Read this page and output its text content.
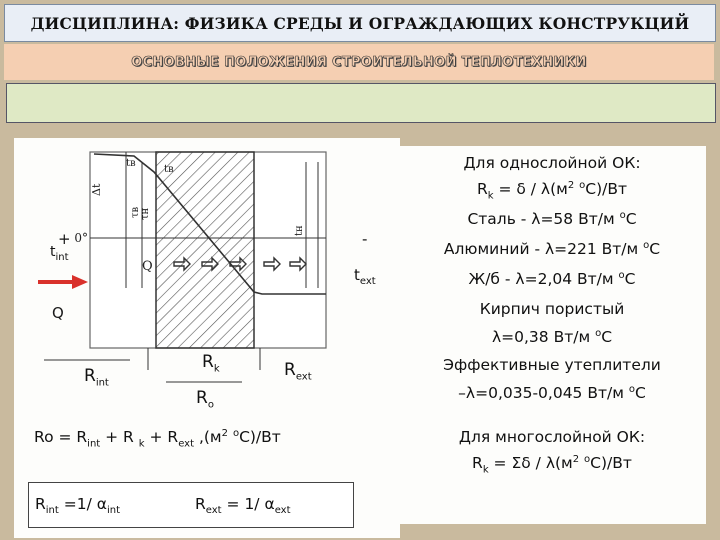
ДИСЦИПЛИНА: ФИЗИКА СРЕДЫ И ОГРАЖДАЮЩИХ КОНСТРУКЦИЙ
ОСНОВНЫЕ ПОЛОЖЕНИЯ СТРОИТЕЛЬНОЙ ТЕПЛОТЕХНИКИ
0°
Δt
tв
tв
τв τн
tн
Q
+
$t_{int}$
Q
-
$t_{ext}$
$R_{int}$
$R_k$	$R_{ext}$
$R_o$
$Ro = R_{int} + R$ $_k + R_{ext}$ $,(м^2$ $^o$С)/Вт
$R_{int} =1/$ $\alpha_{int}$	$R_{ext} = 1/$ $\alpha_{ext}$
Для однослойной ОК:
$R_k = \delta / \lambda(м^2$ $^o$С)/Вт
Сталь - λ=58 Вт/м $^o$С
Алюминий - λ=221 Вт/м $^o$С
Ж/б - λ=2,04 Вт/м $^o$С
Кирпич пористый
λ=0,38 Вт/м $^o$С
Эффективные утеплители
–λ=0,035-0,045 Вт/м $^o$С
Для многослойной ОК:
$R_k = \Sigma\delta / \lambda(м^2$ $^o$С)/Вт
